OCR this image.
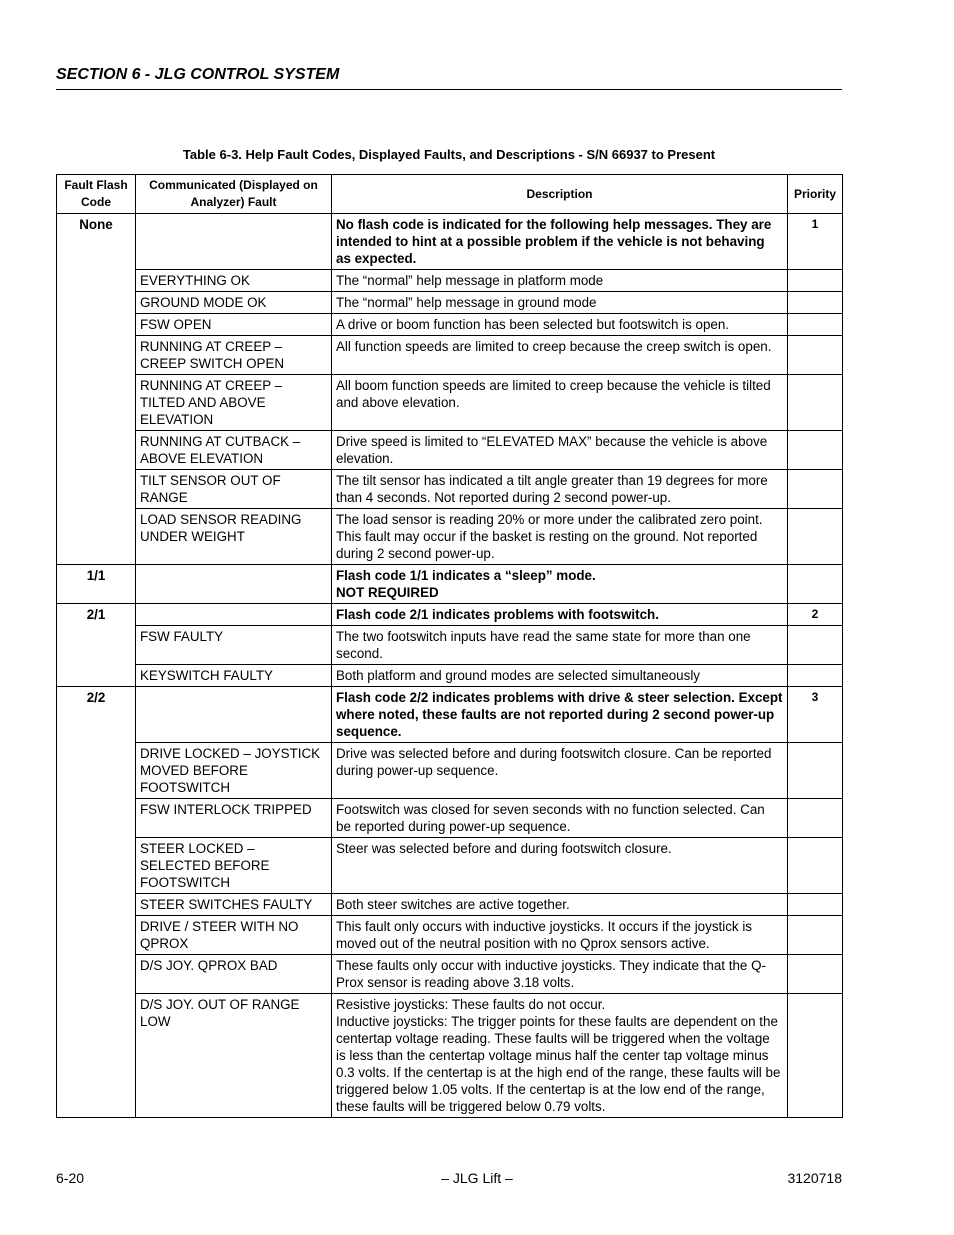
SECTION 6 - JLG CONTROL SYSTEM
Table 6-3. Help Fault Codes, Displayed Faults, and Descriptions - S/N 66937 to Present
Fault Flash Code	Communicated (Displayed on Analyzer) Fault	Description	Priority
None		No flash code is indicated for the following help messages. They are intended to hint at a possible problem if the vehicle is not behaving as expected.	1
	EVERYTHING OK	The “normal” help message in platform mode	

	GROUND MODE OK	The “normal” help message in ground mode	

	FSW OPEN	A drive or boom function has been selected but footswitch is open.	

	RUNNING AT CREEP – CREEP SWITCH OPEN	All function speeds are limited to creep because the creep switch is open.	

	RUNNING AT CREEP – TILTED AND ABOVE ELEVATION	All boom function speeds are limited to creep because the vehicle is tilted and above elevation.	

	RUNNING AT CUTBACK – ABOVE ELEVATION	Drive speed is limited to “ELEVATED MAX” because the vehicle is above elevation.	

	TILT SENSOR OUT OF RANGE	The tilt sensor has indicated a tilt angle greater than 19 degrees for more than 4 seconds. Not reported during 2 second power-up.	

	LOAD SENSOR READING UNDER WEIGHT	The load sensor is reading 20% or more under the calibrated zero point. This fault may occur if the basket is resting on the ground. Not reported during 2 second power-up.	

1/1		Flash code 1/1 indicates a “sleep” mode.
NOT REQUIRED	

2/1		Flash code 2/1 indicates problems with footswitch.	2
	FSW FAULTY	The two footswitch inputs have read the same state for more than one second.	

	KEYSWITCH FAULTY	Both platform and ground modes are selected simultaneously	

2/2		Flash code 2/2 indicates problems with drive & steer selection. Except where noted, these faults are not reported during 2 second power-up sequence.	3
	DRIVE LOCKED – JOYSTICK MOVED BEFORE FOOTSWITCH	Drive was selected before and during footswitch closure. Can be reported during power-up sequence.	

	FSW INTERLOCK TRIPPED	Footswitch was closed for seven seconds with no function selected. Can be reported during power-up sequence.	

	STEER LOCKED – SELECTED BEFORE FOOTSWITCH	Steer was selected before and during footswitch closure.	

	STEER SWITCHES FAULTY	Both steer switches are active together.	

	DRIVE / STEER WITH NO QPROX	This fault only occurs with inductive joysticks. It occurs if the joystick is moved out of the neutral position with no Qprox sensors active.	

	D/S JOY. QPROX BAD	These faults only occur with inductive joysticks. They indicate that the Q-Prox sensor is reading above 3.18 volts.	

	D/S JOY. OUT OF RANGE LOW	Resistive joysticks: These faults do not occur.
Inductive joysticks: The trigger points for these faults are dependent on the centertap voltage reading. These faults will be triggered when the voltage is less than the centertap voltage minus half the center tap voltage minus 0.3 volts. If the centertap is at the high end of the range, these faults will be triggered below 1.05 volts. If the centertap is at the low end of the range, these faults will be triggered below 0.79 volts.	

6-20	– JLG Lift –	3120718
